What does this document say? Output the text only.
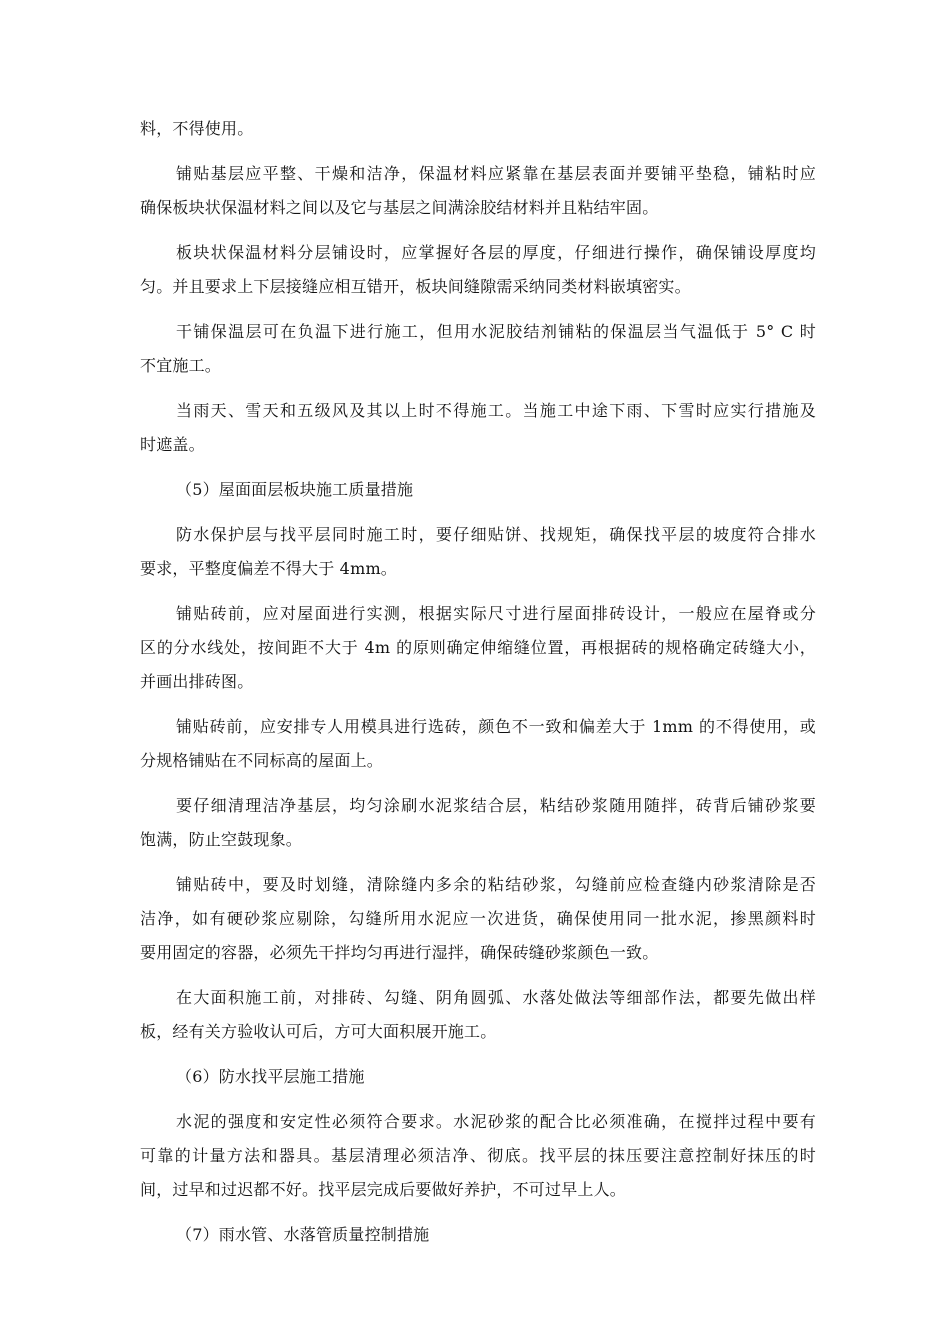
料，不得使用。

铺贴基层应平整、干燥和洁净，保温材料应紧靠在基层表面并要铺平垫稳，铺粘时应

确保板块状保温材料之间以及它与基层之间满涂胶结材料并且粘结牢固。

板块状保温材料分层铺设时，应掌握好各层的厚度，仔细进行操作，确保铺设厚度均

匀。并且要求上下层接缝应相互错开，板块间缝隙需采纳同类材料嵌填密实。

干铺保温层可在负温下进行施工，但用水泥胶结剂铺粘的保温层当气温低于 5° C 时

不宜施工。

当雨天、雪天和五级风及其以上时不得施工。当施工中途下雨、下雪时应实行措施及

时遮盖。

（5）屋面面层板块施工质量措施

防水保护层与找平层同时施工时，要仔细贴饼、找规矩，确保找平层的坡度符合排水

要求，平整度偏差不得大于 4mm。

铺贴砖前，应对屋面进行实测，根据实际尺寸进行屋面排砖设计，一般应在屋脊或分

区的分水线处，按间距不大于 4m 的原则确定伸缩缝位置，再根据砖的规格确定砖缝大小，

并画出排砖图。

铺贴砖前，应安排专人用模具进行选砖，颜色不一致和偏差大于 1mm 的不得使用，或

分规格铺贴在不同标高的屋面上。

要仔细清理洁净基层，均匀涂刷水泥浆结合层，粘结砂浆随用随拌，砖背后铺砂浆要

饱满，防止空鼓现象。

铺贴砖中，要及时划缝，清除缝内多余的粘结砂浆，勾缝前应检查缝内砂浆清除是否

洁净，如有硬砂浆应剔除，勾缝所用水泥应一次进货，确保使用同一批水泥，掺黑颜料时

要用固定的容器，必须先干拌均匀再进行湿拌，确保砖缝砂浆颜色一致。

在大面积施工前，对排砖、勾缝、阴角圆弧、水落处做法等细部作法，都要先做出样

板，经有关方验收认可后，方可大面积展开施工。

（6）防水找平层施工措施

水泥的强度和安定性必须符合要求。水泥砂浆的配合比必须准确，在搅拌过程中要有

可靠的计量方法和器具。基层清理必须洁净、彻底。找平层的抹压要注意控制好抹压的时

间，过早和过迟都不好。找平层完成后要做好养护，不可过早上人。

（7）雨水管、水落管质量控制措施
